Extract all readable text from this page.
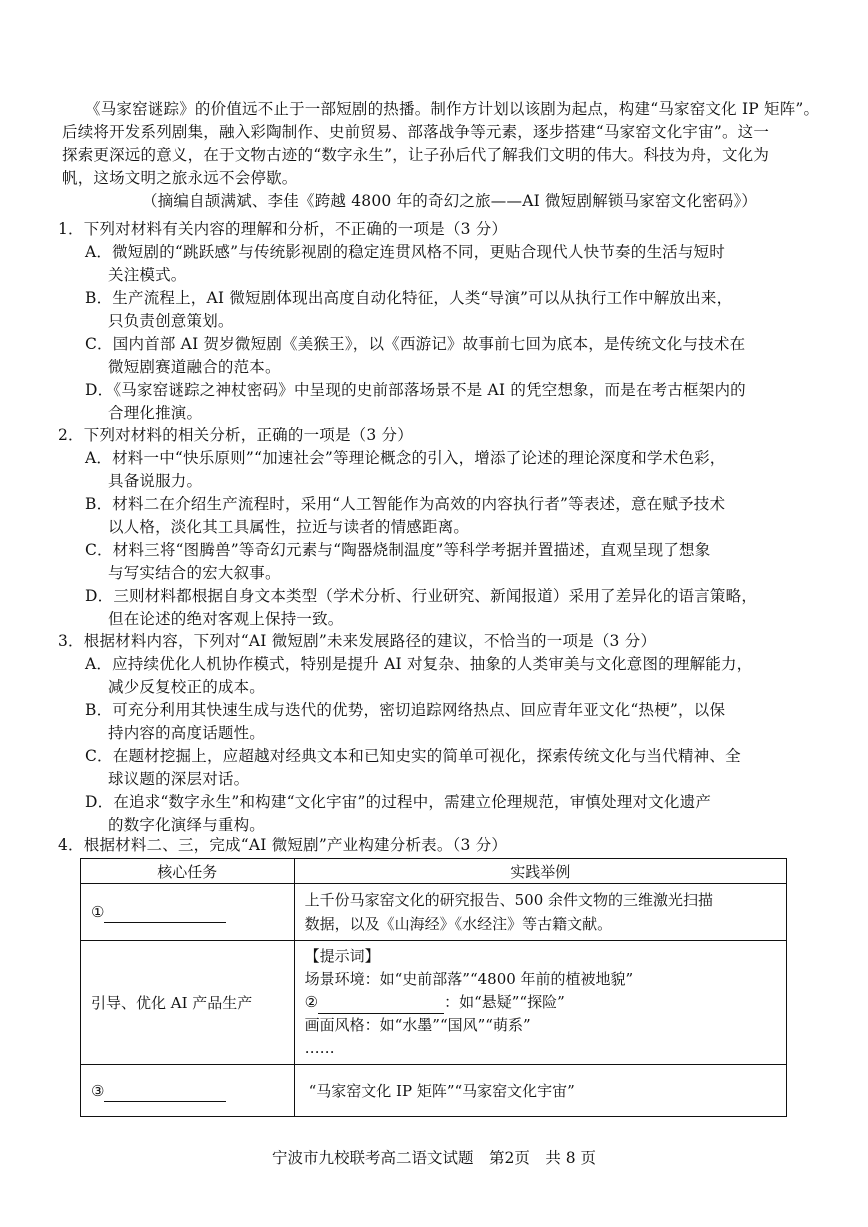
《马家窑谜踪》的价值远不止于一部短剧的热播。制作方计划以该剧为起点，构建“马家窑文化 IP 矩阵”。
后续将开发系列剧集，融入彩陶制作、史前贸易、部落战争等元素，逐步搭建“马家窑文化宇宙”。这一
探索更深远的意义，在于文物古迹的“数字永生”，让子孙后代了解我们文明的伟大。科技为舟，文化为
帆，这场文明之旅永远不会停歇。
（摘编自颉满斌、李佳《跨越 4800 年的奇幻之旅——AI 微短剧解锁马家窑文化密码》）
1．下列对材料有关内容的理解和分析，不正确的一项是（3 分）
A．微短剧的“跳跃感”与传统影视剧的稳定连贯风格不同，更贴合现代人快节奏的生活与短时
关注模式。
B．生产流程上，AI 微短剧体现出高度自动化特征，人类“导演”可以从执行工作中解放出来，
只负责创意策划。
C．国内首部 AI 贺岁微短剧《美猴王》，以《西游记》故事前七回为底本，是传统文化与技术在
微短剧赛道融合的范本。
D．《马家窑谜踪之神杖密码》中呈现的史前部落场景不是 AI 的凭空想象，而是在考古框架内的
合理化推演。
2．下列对材料的相关分析，正确的一项是（3 分）
A．材料一中“快乐原则”“加速社会”等理论概念的引入，增添了论述的理论深度和学术色彩，
具备说服力。
B．材料二在介绍生产流程时，采用“人工智能作为高效的内容执行者”等表述，意在赋予技术
以人格，淡化其工具属性，拉近与读者的情感距离。
C．材料三将“图腾兽”等奇幻元素与“陶器烧制温度”等科学考据并置描述，直观呈现了想象
与写实结合的宏大叙事。
D．三则材料都根据自身文本类型（学术分析、行业研究、新闻报道）采用了差异化的语言策略，
但在论述的绝对客观上保持一致。
3．根据材料内容，下列对“AI 微短剧”未来发展路径的建议，不恰当的一项是（3 分）
A．应持续优化人机协作模式，特别是提升 AI 对复杂、抽象的人类审美与文化意图的理解能力，
减少反复校正的成本。
B．可充分利用其快速生成与迭代的优势，密切追踪网络热点、回应青年亚文化“热梗”，以保
持内容的高度话题性。
C．在题材挖掘上，应超越对经典文本和已知史实的简单可视化，探索传统文化与当代精神、全
球议题的深层对话。
D．在追求“数字永生”和构建“文化宇宙”的过程中，需建立伦理规范，审慎处理对文化遗产
的数字化演绎与重构。
4．根据材料二、三，完成“AI 微短剧”产业构建分析表。（3 分）
核心任务	实践举例
①	上千份马家窑文化的研究报告、500 余件文物的三维激光扫描
数据，以及《山海经》《水经注》等古籍文献。

引导、优化 AI 产品生产	【提示词】
场景环境：如“史前部落”“4800 年前的植被地貌”
② ：如“悬疑”“探险”
画面风格：如“水墨”“国风”“萌系”
……

③	“马家窑文化 IP 矩阵”“马家窑文化宇宙”
宁波市九校联考高二语文试题　第2页　共 8 页
